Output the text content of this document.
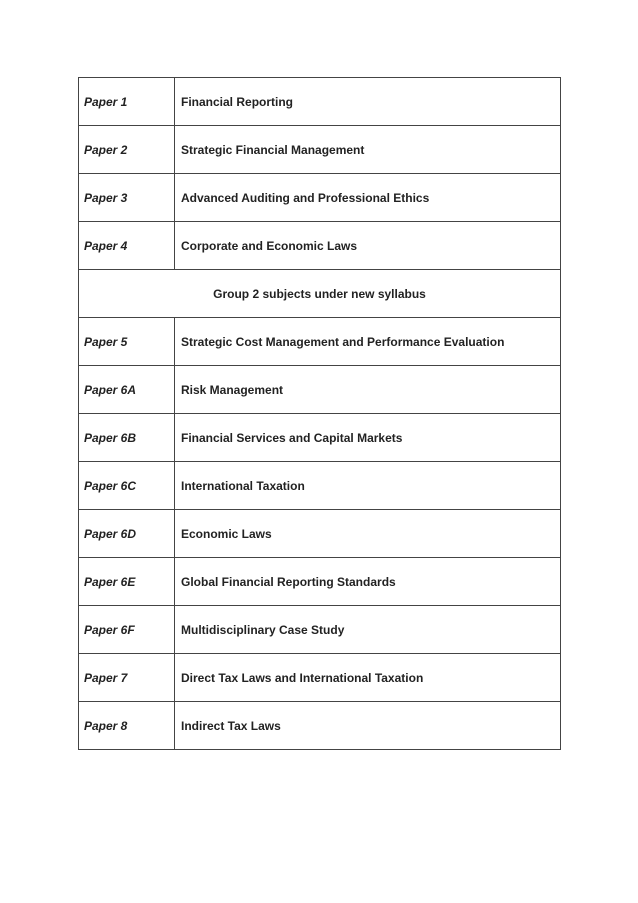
Paper 1	Financial Reporting
Paper 2	Strategic Financial Management
Paper 3	Advanced Auditing and Professional Ethics
Paper 4	Corporate and Economic Laws
Group 2 subjects under new syllabus	
Paper 5	Strategic Cost Management and Performance Evaluation
Paper 6A	Risk Management
Paper 6B	Financial Services and Capital Markets
Paper 6C	International Taxation
Paper 6D	Economic Laws
Paper 6E	Global Financial Reporting Standards
Paper 6F	Multidisciplinary Case Study
Paper 7	Direct Tax Laws and International Taxation
Paper 8	Indirect Tax Laws
